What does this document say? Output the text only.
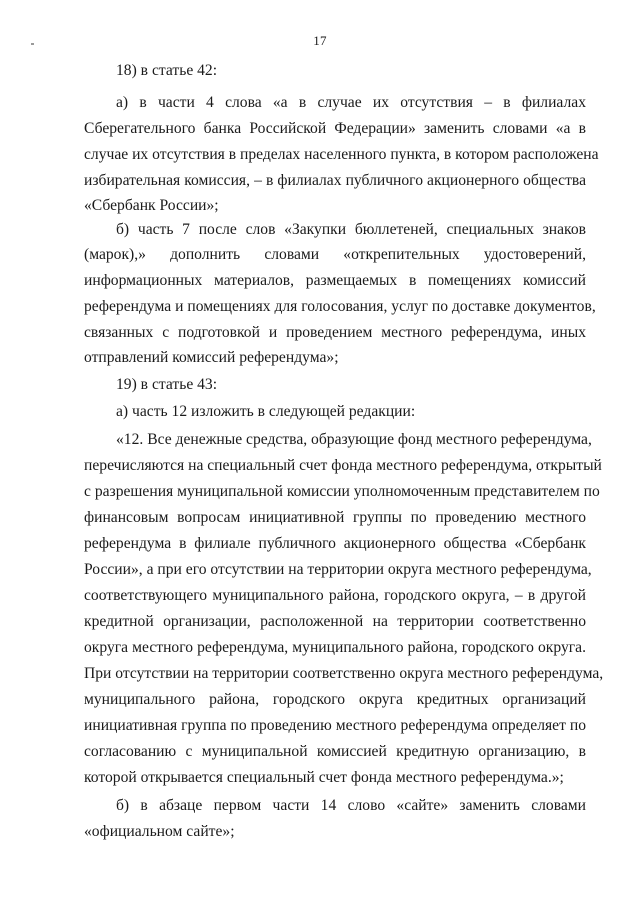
17
18) в статье 42:
а) в части 4 слова «а в случае их отсутствия – в филиалах
Сберегательного банка Российской Федерации» заменить словами «а в
случае их отсутствия в пределах населенного пункта, в котором расположена
избирательная комиссия, – в филиалах публичного акционерного общества
«Сбербанк России»;
б) часть 7 после слов «Закупки бюллетеней, специальных знаков
(марок),» дополнить словами «открепительных удостоверений,
информационных материалов, размещаемых в помещениях комиссий
референдума и помещениях для голосования, услуг по доставке документов,
связанных с подготовкой и проведением местного референдума, иных
отправлений комиссий референдума»;
19) в статье 43:
а) часть 12 изложить в следующей редакции:
«12. Все денежные средства, образующие фонд местного референдума,
перечисляются на специальный счет фонда местного референдума, открытый
с разрешения муниципальной комиссии уполномоченным представителем по
финансовым вопросам инициативной группы по проведению местного
референдума в филиале публичного акционерного общества «Сбербанк
России», а при его отсутствии на территории округа местного референдума,
соответствующего муниципального района, городского округа, – в другой
кредитной организации, расположенной на территории соответственно
округа местного референдума, муниципального района, городского округа.
При отсутствии на территории соответственно округа местного референдума,
муниципального района, городского округа кредитных организаций
инициативная группа по проведению местного референдума определяет по
согласованию с муниципальной комиссией кредитную организацию, в
которой открывается специальный счет фонда местного референдума.»;
б) в абзаце первом части 14 слово «сайте» заменить словами
«официальном сайте»;
